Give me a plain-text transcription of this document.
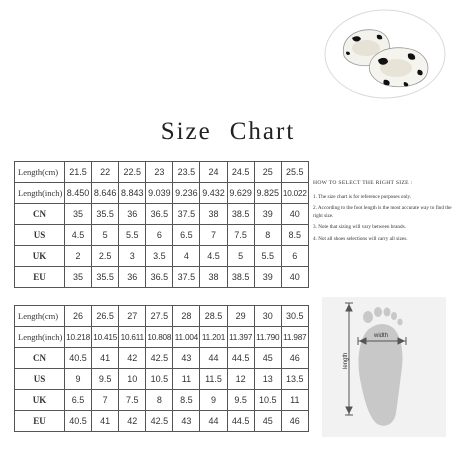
Size Chart
Length(cm)	21.5	22	22.5	23	23.5	24	24.5	25	25.5
Length(inch)	8.450	8.646	8.843	9.039	9.236	9.432	9.629	9.825	10.022
CN	35	35.5	36	36.5	37.5	38	38.5	39	40
US	4.5	5	5.5	6	6.5	7	7.5	8	8.5
UK	2	2.5	3	3.5	4	4.5	5	5.5	6
EU	35	35.5	36	36.5	37.5	38	38.5	39	40
Length(cm)	26	26.5	27	27.5	28	28.5	29	30	30.5
Length(inch)	10.218	10.415	10.611	10.808	11.004	11.201	11.397	11.790	11.987
CN	40.5	41	42	42.5	43	44	44.5	45	46
US	9	9.5	10	10.5	11	11.5	12	13	13.5
UK	6.5	7	7.5	8	8.5	9	9.5	10.5	11
EU	40.5	41	42	42.5	43	44	44.5	45	46
HOW TO SELECT THE RIGHT SIZE :

1. The size chart is for reference purposes only.

2. According to the foot length is the most accurate way to find the right size.

3. Note that sizing will vary between brands.

4. Not all shoes selections will carry all sizes.

width
length
